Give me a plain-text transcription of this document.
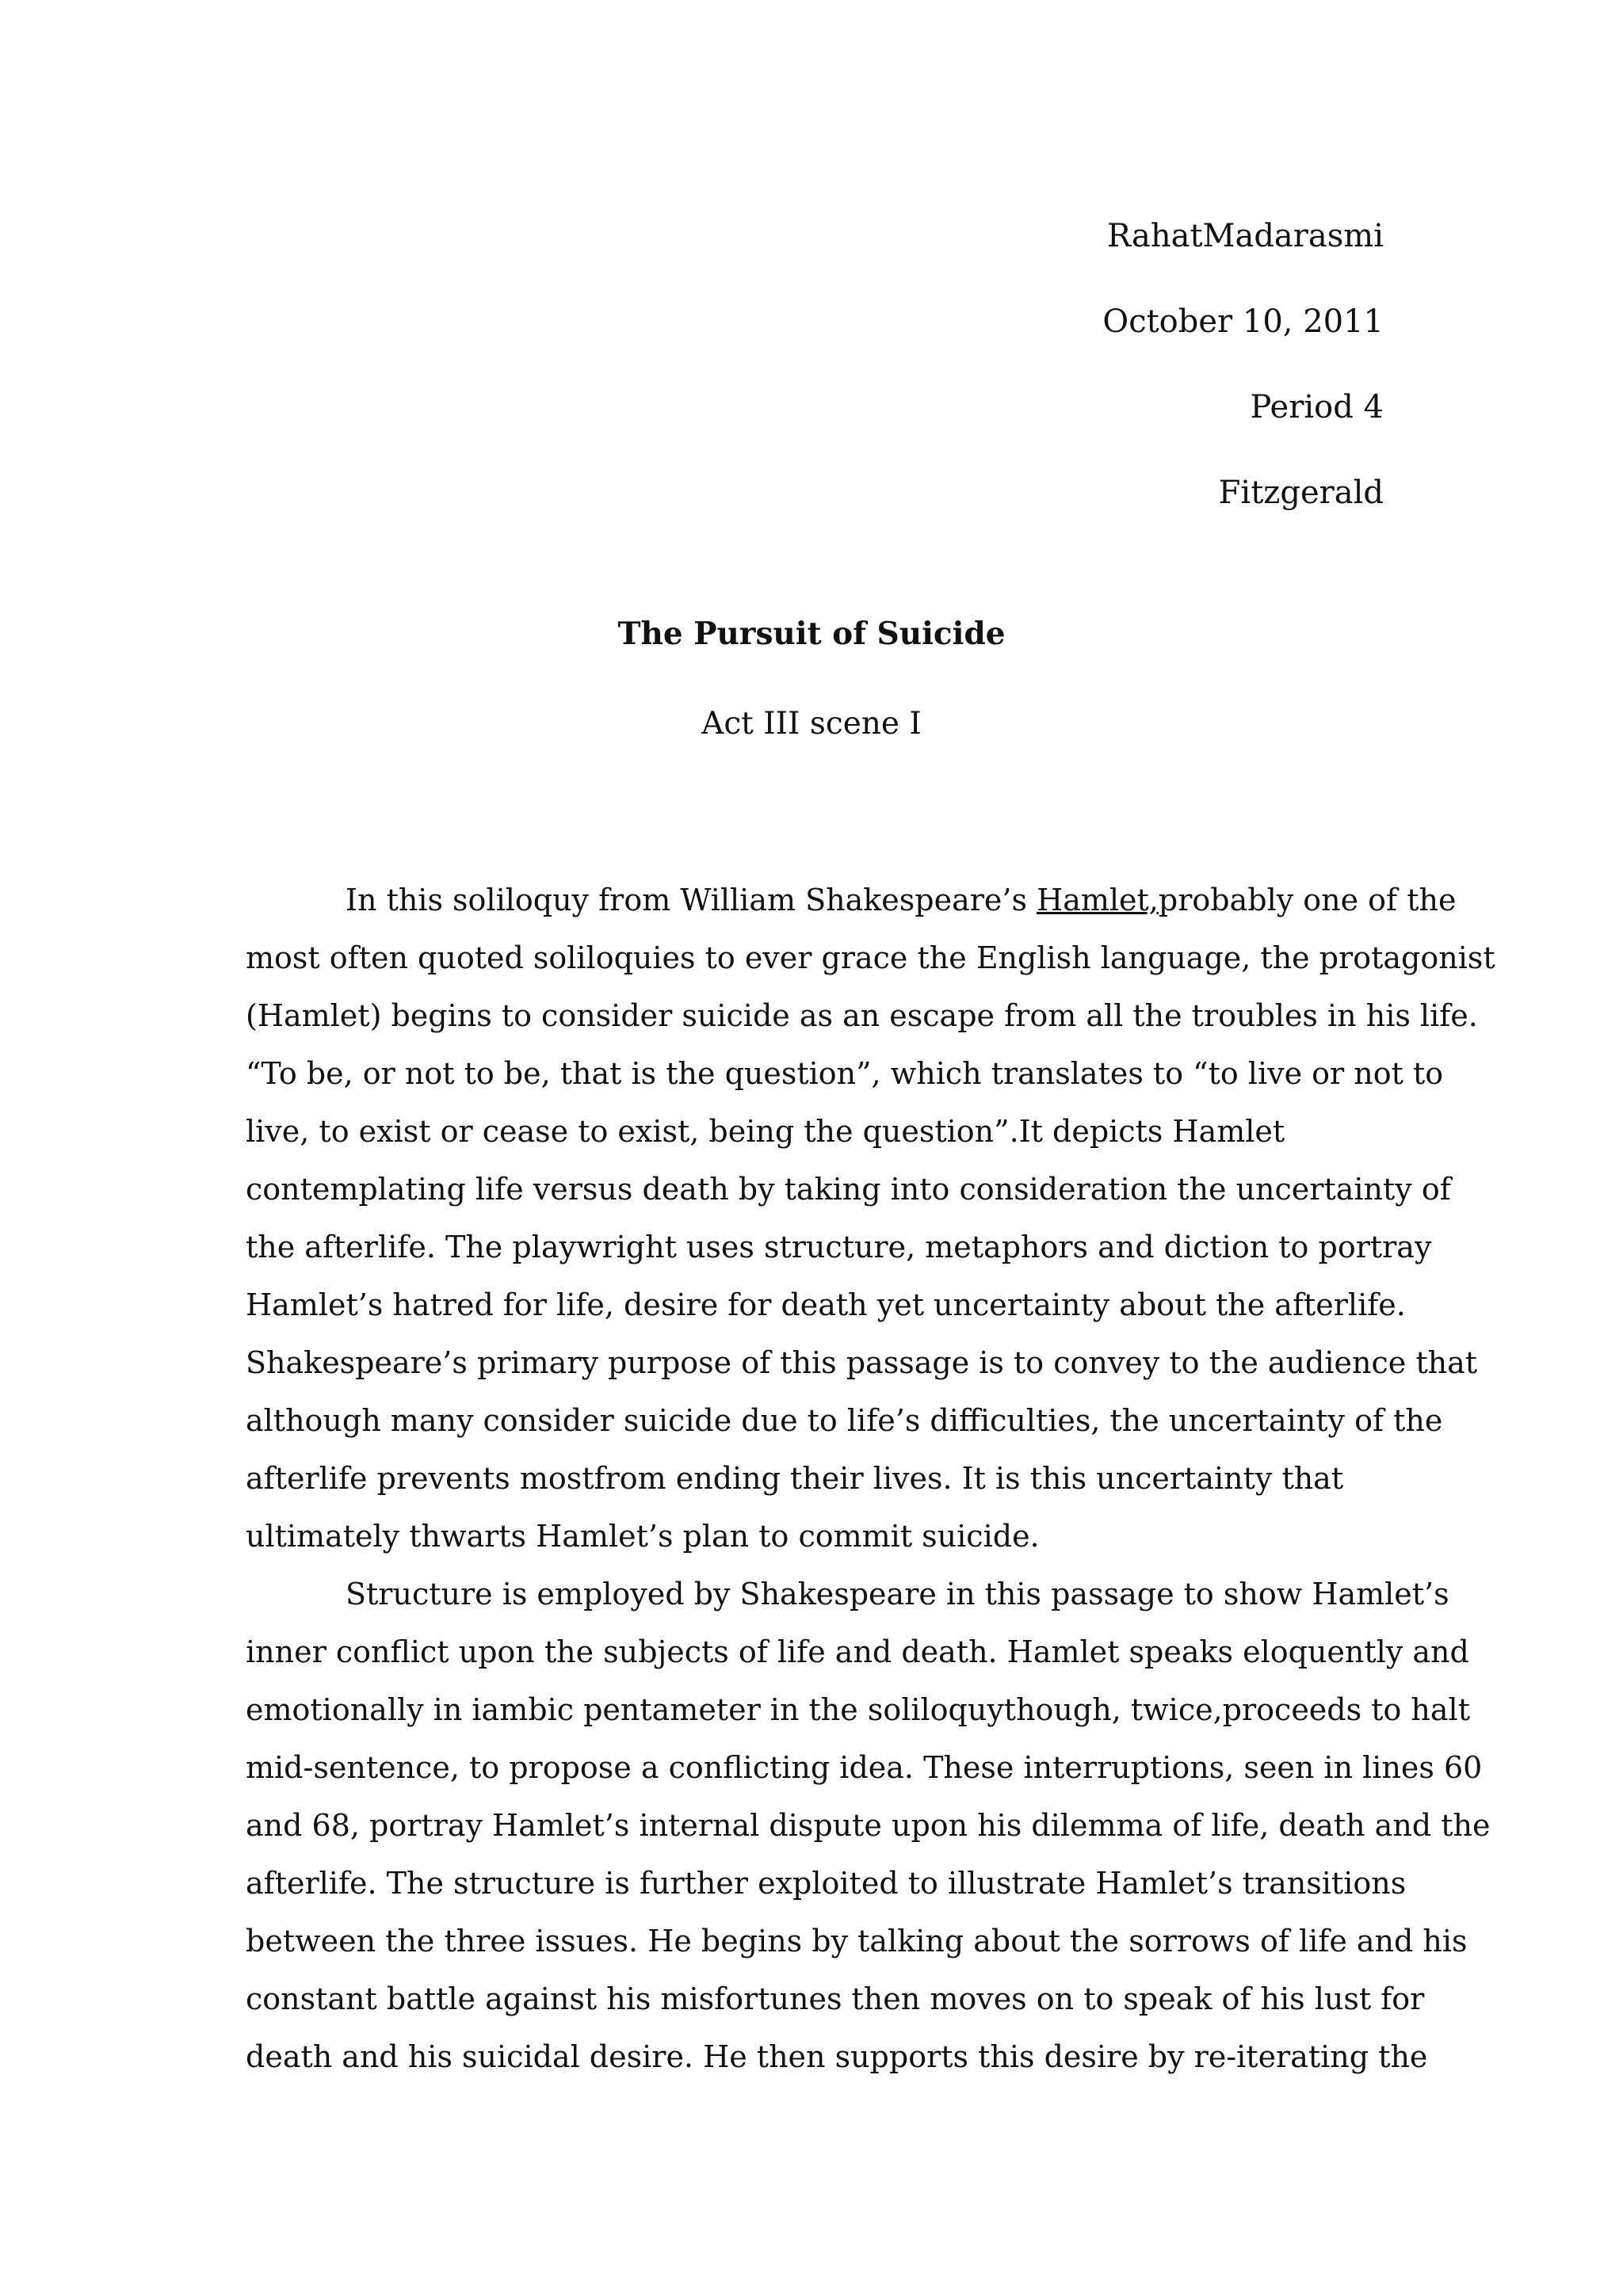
RahatMadarasmi
October 10, 2011
Period 4
Fitzgerald
The Pursuit of Suicide
Act III scene I
In this soliloquy from William Shakespeare’s Hamlet,probably one of the
most often quoted soliloquies to ever grace the English language, the protagonist
(Hamlet) begins to consider suicide as an escape from all the troubles in his life.
“To be, or not to be, that is the question”, which translates to “to live or not to
live, to exist or cease to exist, being the question”.It depicts Hamlet
contemplating life versus death by taking into consideration the uncertainty of
the afterlife. The playwright uses structure, metaphors and diction to portray
Hamlet’s hatred for life, desire for death yet uncertainty about the afterlife.
Shakespeare’s primary purpose of this passage is to convey to the audience that
although many consider suicide due to life’s difficulties, the uncertainty of the
afterlife prevents mostfrom ending their lives. It is this uncertainty that
ultimately thwarts Hamlet’s plan to commit suicide.
Structure is employed by Shakespeare in this passage to show Hamlet’s
inner conflict upon the subjects of life and death. Hamlet speaks eloquently and
emotionally in iambic pentameter in the soliloquythough, twice,proceeds to halt
mid-sentence, to propose a conflicting idea. These interruptions, seen in lines 60
and 68, portray Hamlet’s internal dispute upon his dilemma of life, death and the
afterlife. The structure is further exploited to illustrate Hamlet’s transitions
between the three issues. He begins by talking about the sorrows of life and his
constant battle against his misfortunes then moves on to speak of his lust for
death and his suicidal desire. He then supports this desire by re-iterating the
